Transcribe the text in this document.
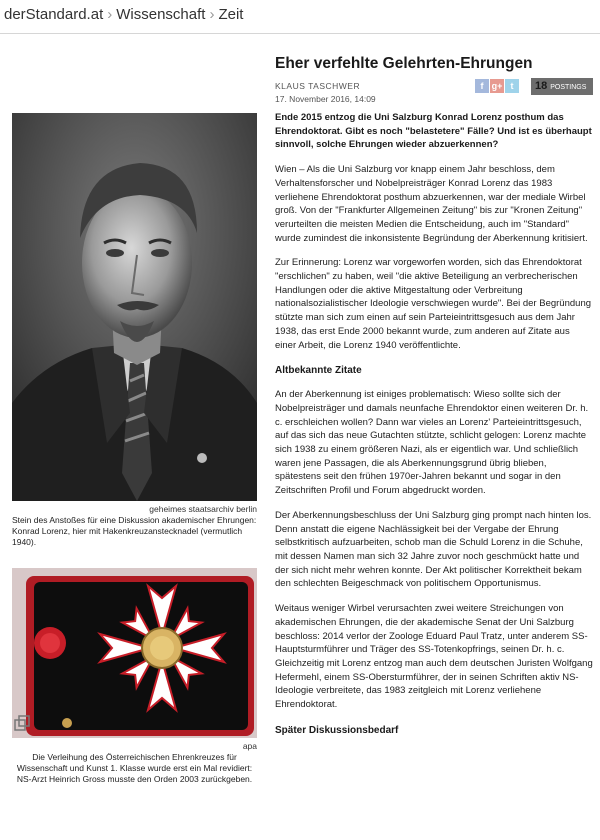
derStandard.at › Wissenschaft › Zeit
geheimes staatsarchiv berlin
Stein des Anstoßes für eine Diskussion akademischer Ehrungen: Konrad Lorenz, hier mit Hakenkreuzanstecknadel (vermutlich 1940).
apa
Die Verleihung des Österreichischen Ehrenkreuzes für Wissenschaft und Kunst 1. Klasse wurde erst ein Mal revidiert: NS-Arzt Heinrich Gross musste den Orden 2003 zurückgeben.
Eher verfehlte Gelehrten-Ehrungen
KLAUS TASCHWER
17. November 2016, 14:09
f g+ t	18 POSTINGS

Ende 2015 entzog die Uni Salzburg Konrad Lorenz posthum das Ehrendoktorat. Gibt es noch "belastetere" Fälle? Und ist es überhaupt sinnvoll, solche Ehrungen wieder abzuerkennen?

Wien – Als die Uni Salzburg vor knapp einem Jahr beschloss, dem Verhaltensforscher und Nobelpreisträger Konrad Lorenz das 1983 verliehene Ehrendoktorat posthum abzuerkennen, war der mediale Wirbel groß. Von der "Frankfurter Allgemeinen Zeitung" bis zur "Kronen Zeitung" verurteilten die meisten Medien die Entscheidung, auch im "Standard" wurde zumindest die inkonsistente Begründung der Aberkennung kritisiert.

Zur Erinnerung: Lorenz war vorgeworfen worden, sich das Ehrendoktorat "erschlichen" zu haben, weil "die aktive Beteiligung an verbrecherischen Handlungen oder die aktive Mitgestaltung oder Verbreitung nationalsozialistischer Ideologie verschwiegen wurde". Bei der Begründung stützte man sich zum einen auf sein Parteieintrittsgesuch aus dem Jahr 1938, das erst Ende 2000 bekannt wurde, zum anderen auf Zitate aus einer Arbeit, die Lorenz 1940 veröffentlichte.

Altbekannte Zitate

An der Aberkennung ist einiges problematisch: Wieso sollte sich der Nobelpreisträger und damals neunfache Ehrendoktor einen weiteren Dr. h. c. erschleichen wollen? Dann war vieles an Lorenz' Parteieintrittsgesuch, auf das sich das neue Gutachten stützte, schlicht gelogen: Lorenz machte sich 1938 zu einem größeren Nazi, als er eigentlich war. Und schließlich waren jene Passagen, die als Aberkennungsgrund übrig blieben, spätestens seit den frühen 1970er-Jahren bekannt und sogar in den Zeitschriften Profil und Forum abgedruckt worden.

Der Aberkennungsbeschluss der Uni Salzburg ging prompt nach hinten los. Denn anstatt die eigene Nachlässigkeit bei der Vergabe der Ehrung selbstkritisch aufzuarbeiten, schob man die Schuld Lorenz in die Schuhe, mit dessen Namen man sich 32 Jahre zuvor noch geschmückt hatte und der sich nicht mehr wehren konnte. Der Akt politischer Korrektheit bekam den schlechten Beigeschmack von politischem Opportunismus.

Weitaus weniger Wirbel verursachten zwei weitere Streichungen von akademischen Ehrungen, die der akademische Senat der Uni Salzburg beschloss: 2014 verlor der Zoologe Eduard Paul Tratz, unter anderem SS-Hauptsturmführer und Träger des SS-Totenkopfrings, seinen Dr. h. c. Gleichzeitig mit Lorenz entzog man auch dem deutschen Juristen Wolfgang Hefermehl, einem SS-Obersturmführer, der in seinen Schriften aktiv NS-Ideologie verbreitete, das 1983 zeitgleich mit Lorenz verliehene Ehrendoktorat.

Später Diskussionsbedarf
